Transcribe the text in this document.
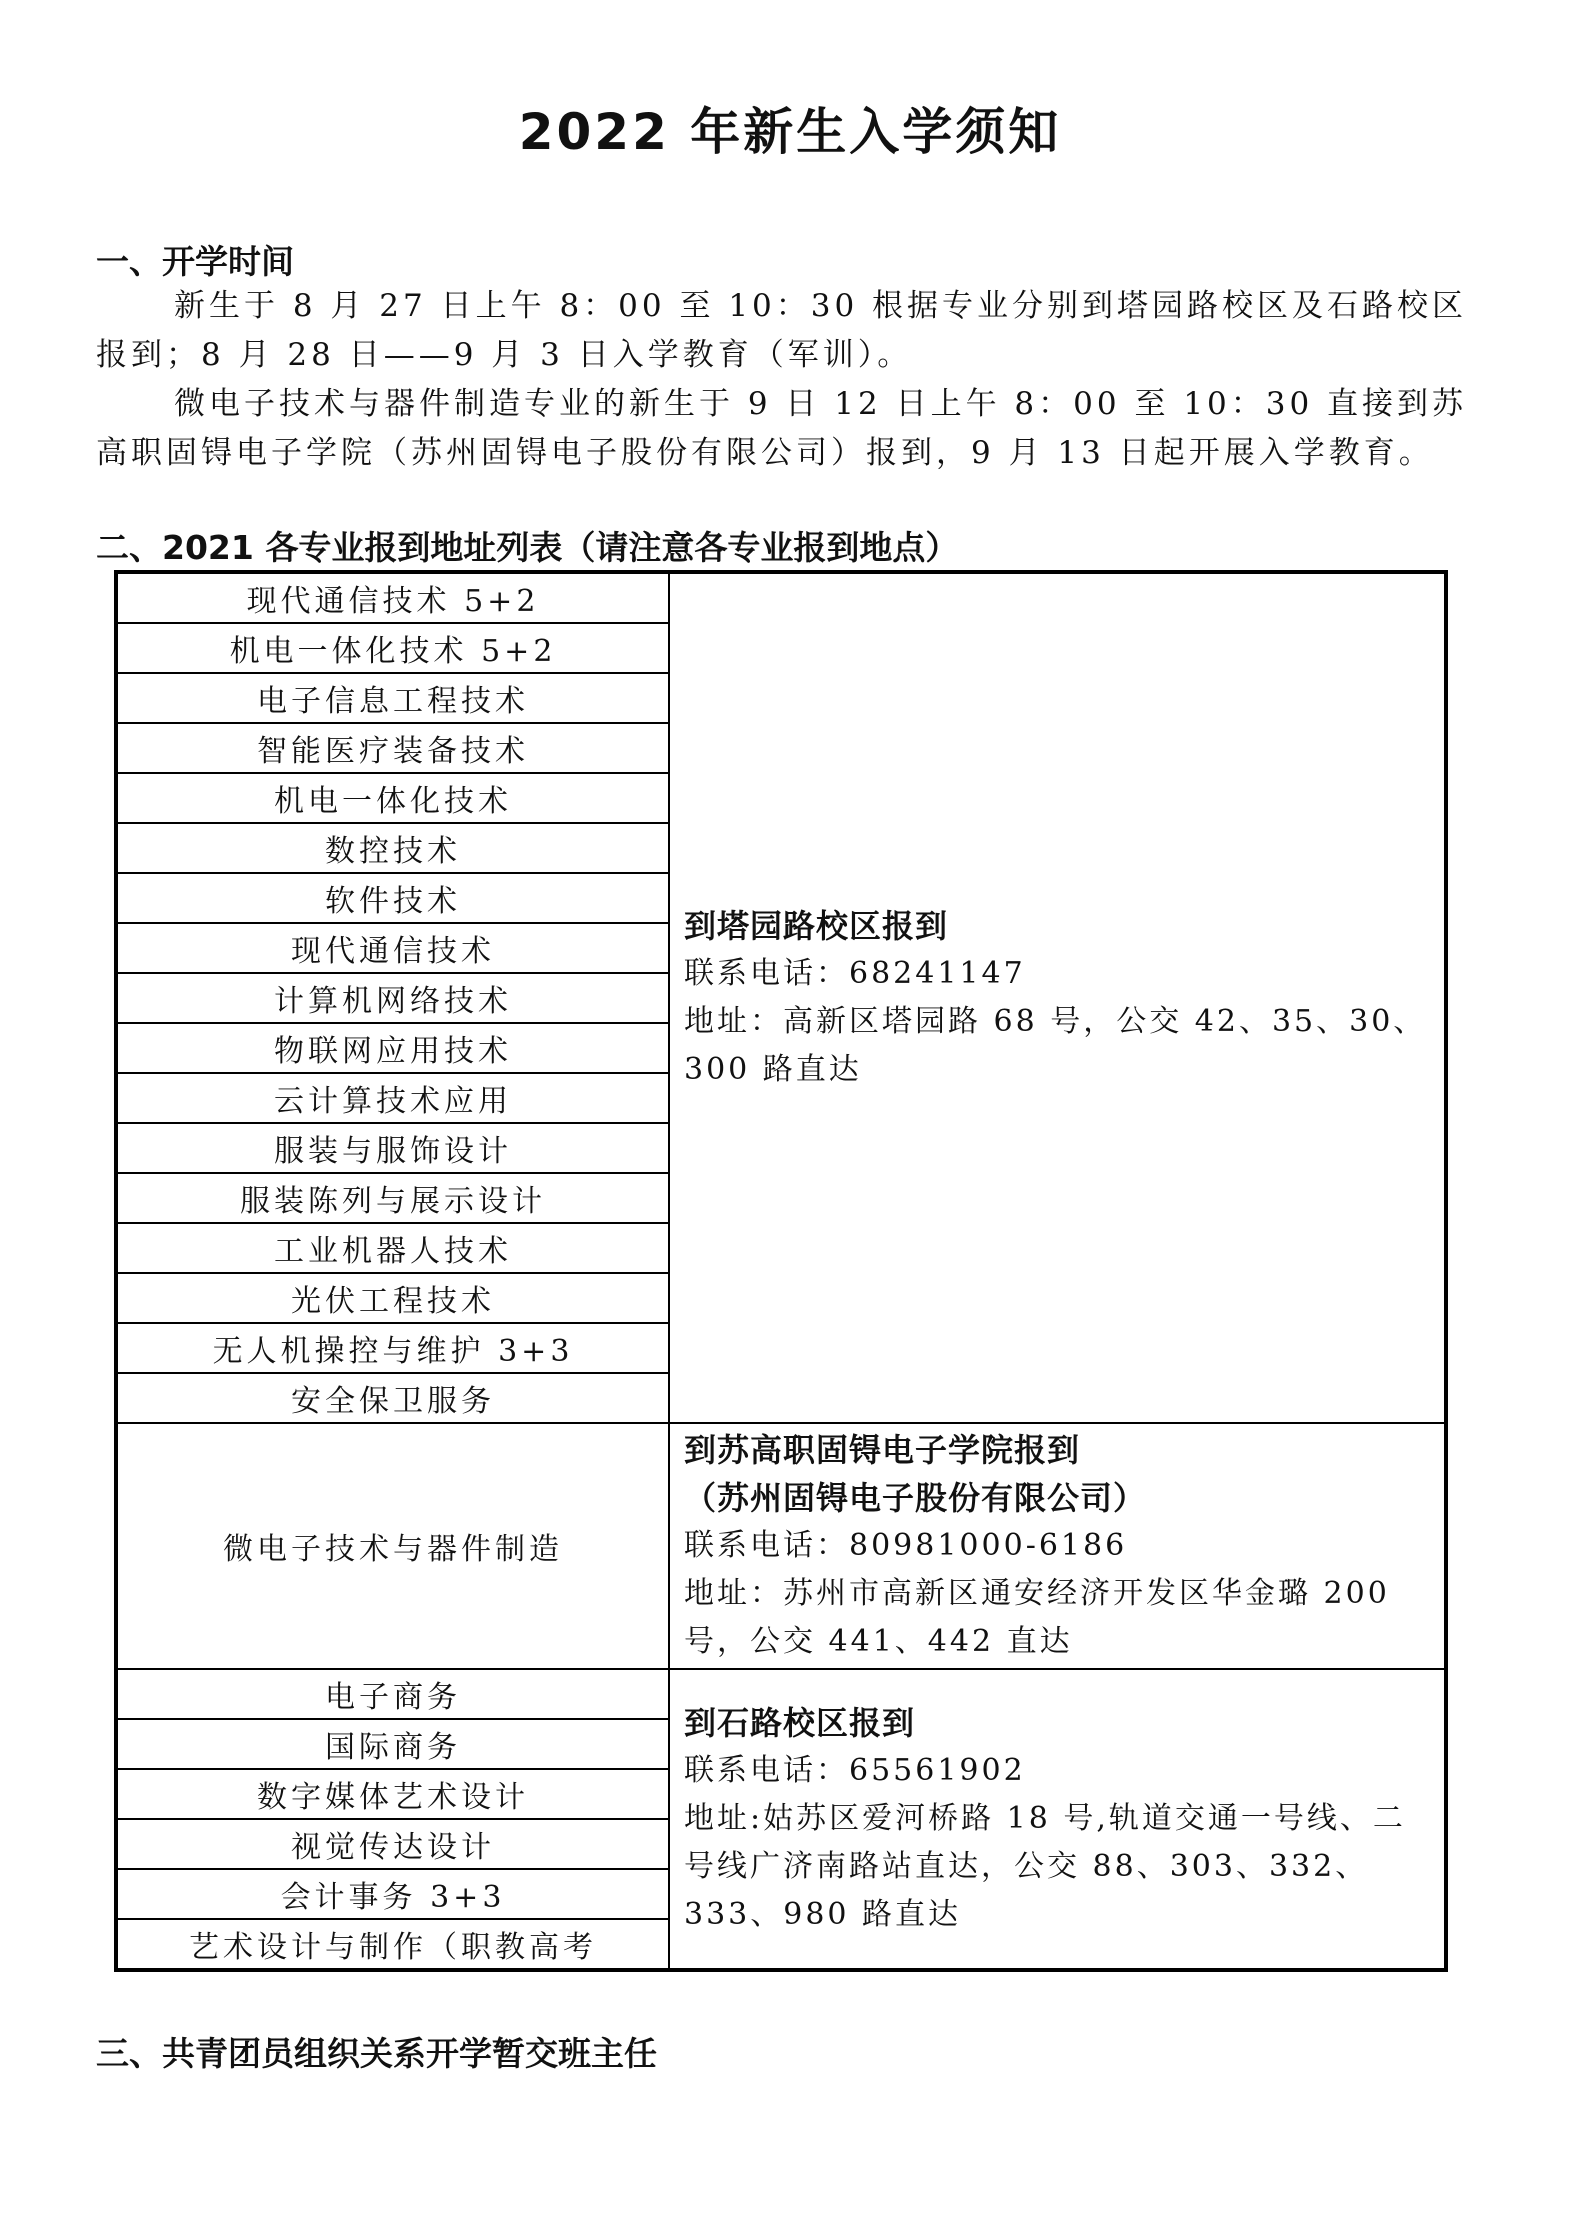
2022 年新生入学须知
一、开学时间

新生于 8 月 27 日上午 8：00 至 10：30 根据专业分别到塔园路校区及石路校区报到；8 月 28 日——9 月 3 日入学教育（军训）。

微电子技术与器件制造专业的新生于 9 日 12 日上午 8：00 至 10：30 直接到苏高职固锝电子学院（苏州固锝电子股份有限公司）报到，9 月 13 日起开展入学教育。

二、2021 各专业报到地址列表（请注意各专业报到地点）
现代通信技术 5+2	到塔园路校区报到
联系电话：68241147
地址：高新区塔园路 68 号，公交 42、35、30、300 路直达

机电一体化技术 5+2	
电子信息工程技术	
智能医疗装备技术	
机电一体化技术	
数控技术	
软件技术	
现代通信技术	
计算机网络技术	
物联网应用技术	
云计算技术应用	
服装与服饰设计	
服装陈列与展示设计	
工业机器人技术	
光伏工程技术	
无人机操控与维护 3+3	
安全保卫服务	
微电子技术与器件制造	到苏高职固锝电子学院报到
（苏州固锝电子股份有限公司）
联系电话：80981000-6186
地址：苏州市高新区通安经济开发区华金璐 200 号，公交 441、442 直达

电子商务	到石路校区报到
联系电话：65561902
地址:姑苏区爱河桥路 18 号,轨道交通一号线、二号线广济南路站直达，公交 88、303、332、333、980 路直达

国际商务	
数字媒体艺术设计	
视觉传达设计	
会计事务 3+3	
艺术设计与制作（职教高考	
三、共青团员组织关系开学暂交班主任
